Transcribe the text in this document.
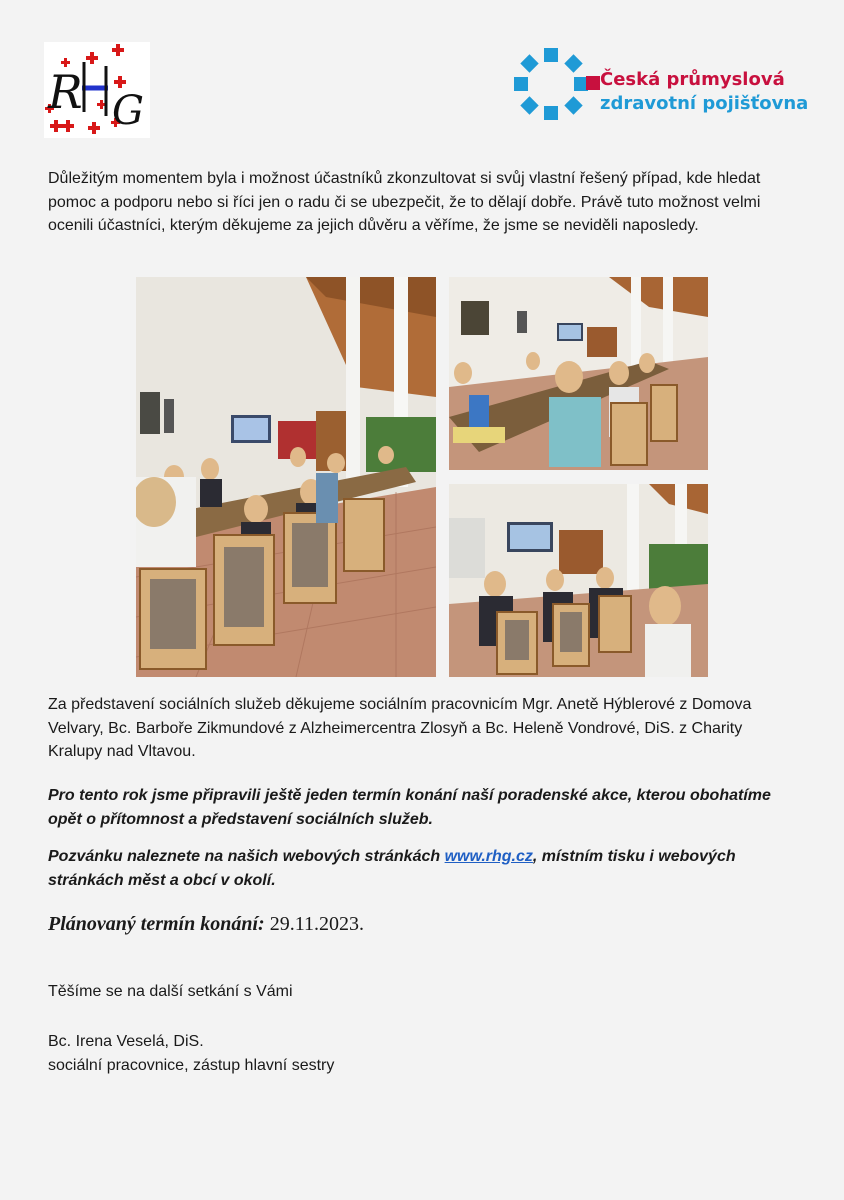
R G
Česká průmyslová
zdravotní pojišťovna

Důležitým momentem byla i možnost účastníků zkonzultovat si svůj vlastní řešený případ, kde hledat pomoc a podporu nebo si říci jen o radu či se ubezpečit, že to dělají dobře. Právě tuto možnost velmi ocenili účastníci, kterým děkujeme za jejich důvěru a věříme, že jsme se neviděli naposledy.

Za představení sociálních služeb děkujeme sociálním pracovnicím Mgr. Anetě Hýblerové z Domova Velvary, Bc. Barboře Zikmundové z Alzheimercentra Zlosyň a Bc. Heleně Vondrové, DiS. z Charity Kralupy nad Vltavou.

Pro tento rok jsme připravili ještě jeden termín konání naší poradenské akce, kterou obohatíme opět o přítomnost a představení sociálních služeb.

Pozvánku naleznete na našich webových stránkách www.rhg.cz, místním tisku i webových stránkách měst a obcí v okolí.

Plánovaný termín konání: 29.11.2023.

Těšíme se na další setkání s Vámi

Bc. Irena Veselá, DiS.
sociální pracovnice, zástup hlavní sestry
